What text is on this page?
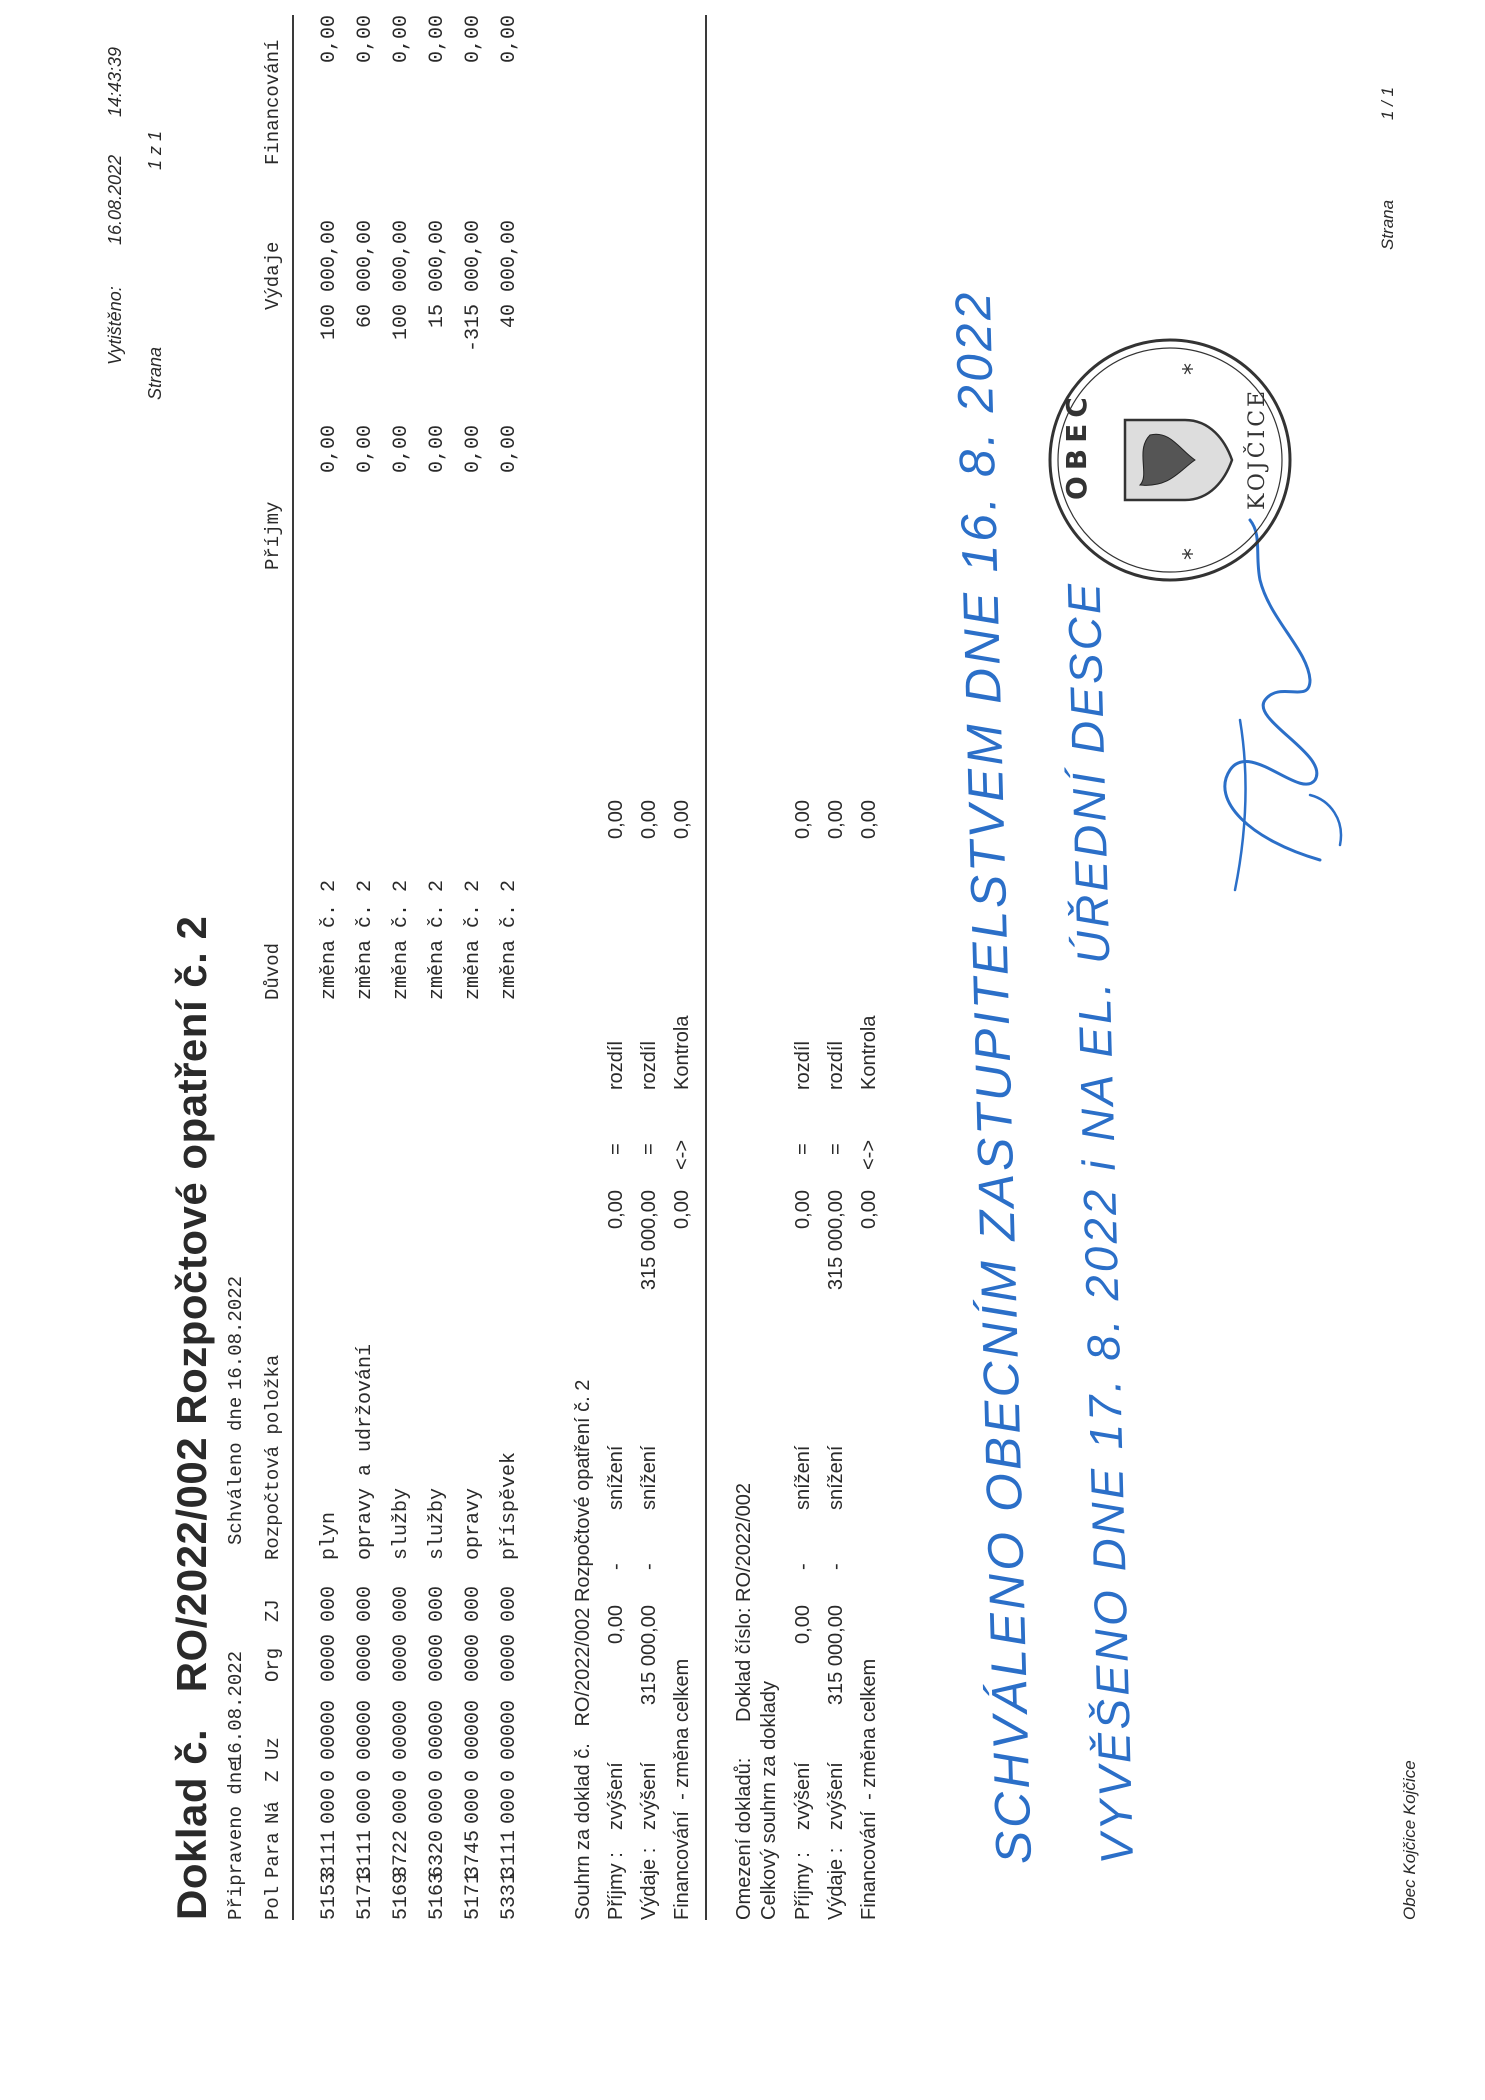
Vytištěno:
16.08.2022
14:43:39
Strana
1 z 1
Doklad č.   RO/2022/002 Rozpočtové opatření č. 2 Připraveno dne
16.08.2022
Schváleno dne
16.08.2022
Pol
Para
Ná
Z
Uz
Org
ZJ
Rozpočtová položka
Důvod
Příjmy
Výdaje
Financování
5153
3111
000
0
00000
0000 000
plyn
změna č. 2
0,00
100 000,00
0,00
5171
3111
000
0
00000
0000 000
opravy a udržování
změna č. 2
0,00
60 000,00
0,00
5169
3722
000
0
00000
0000 000
služby
změna č. 2
0,00
100 000,00
0,00
5163
6320
000
0
00000
0000 000
služby
změna č. 2
0,00
15 000,00
0,00
5171
3745
000
0
00000
0000 000
opravy
změna č. 2
0,00
-315 000,00
0,00
5331
3111
000
0
00000
0000 000
příspěvek
změna č. 2
0,00
40 000,00
0,00
Souhrn za doklad č.   RO/2022/002 Rozpočtové opatření č. 2 Příjmy :
zvýšení
0,00
-
snížení
0,00
=
rozdíl
0,00
Výdaje :
zvýšení
315 000,00
-
snížení
315 000,00
=
rozdíl
0,00
Financování  - změna celkem
0,00
<->
Kontrola
0,00
Omezení dokladů:
Doklad číslo: RO/2022/002
Celkový souhrn za doklady Příjmy :
zvýšení
0,00
-
snížení
0,00
=
rozdíl
0,00
Výdaje :
zvýšení
315 000,00
-
snížení
315 000,00
=
rozdíl
0,00
Financování  - změna celkem
0,00
<->
Kontrola
0,00 SCHVÁLENO OBECNÍM ZASTUPITELSTVEM DNE 16. 8. 2022 VYVĚŠENO DNE 17. 8. 2022 i NA EL. ÚŘEDNÍ DESCE
*
*
OBEC	KOJČICE
Obec Kojčice Kojčice
Strana
1 / 1
